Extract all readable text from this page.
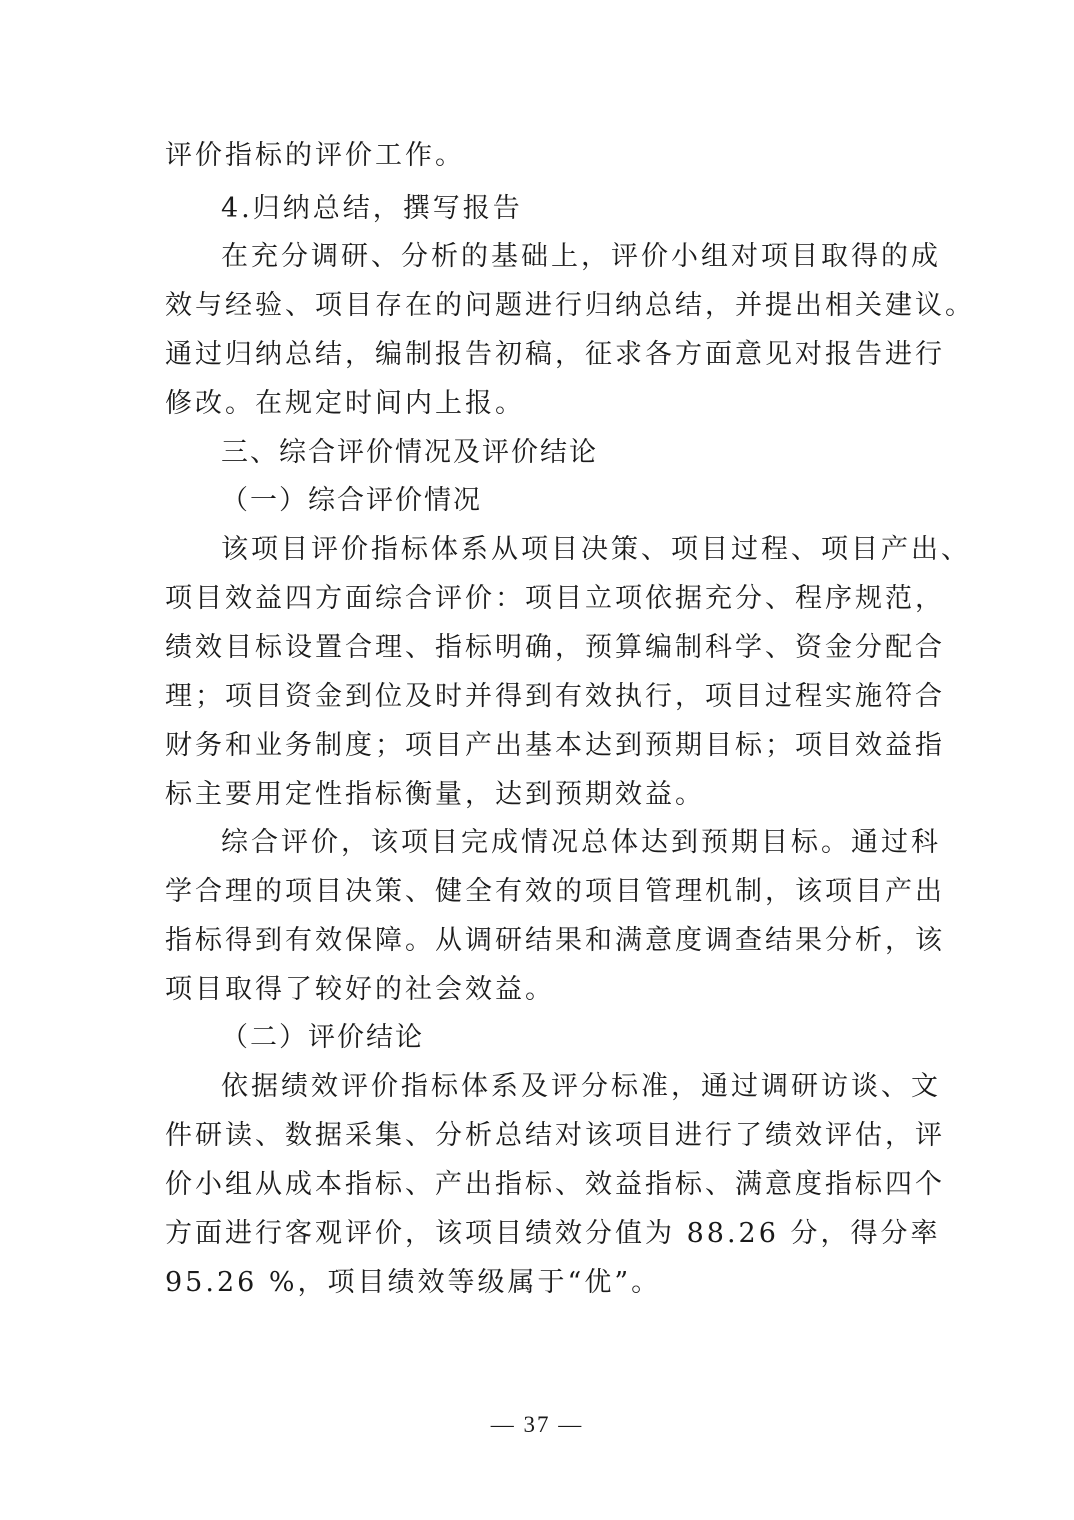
评价指标的评价工作。
4.归纳总结，撰写报告
在充分调研、分析的基础上，评价小组对项目取得的成
效与经验、项目存在的问题进行归纳总结，并提出相关建议。
通过归纳总结，编制报告初稿，征求各方面意见对报告进行
修改。在规定时间内上报。
三、综合评价情况及评价结论
（一）综合评价情况
该项目评价指标体系从项目决策、项目过程、项目产出、
项目效益四方面综合评价：项目立项依据充分、程序规范，
绩效目标设置合理、指标明确，预算编制科学、资金分配合
理；项目资金到位及时并得到有效执行，项目过程实施符合
财务和业务制度；项目产出基本达到预期目标；项目效益指
标主要用定性指标衡量，达到预期效益。
综合评价，该项目完成情况总体达到预期目标。通过科
学合理的项目决策、健全有效的项目管理机制，该项目产出
指标得到有效保障。从调研结果和满意度调查结果分析，该
项目取得了较好的社会效益。
（二）评价结论
依据绩效评价指标体系及评分标准，通过调研访谈、文
件研读、数据采集、分析总结对该项目进行了绩效评估，评
价小组从成本指标、产出指标、效益指标、满意度指标四个
方面进行客观评价，该项目绩效分值为 88.26 分，得分率
95.26 %，项目绩效等级属于“优”。
— 37 —
